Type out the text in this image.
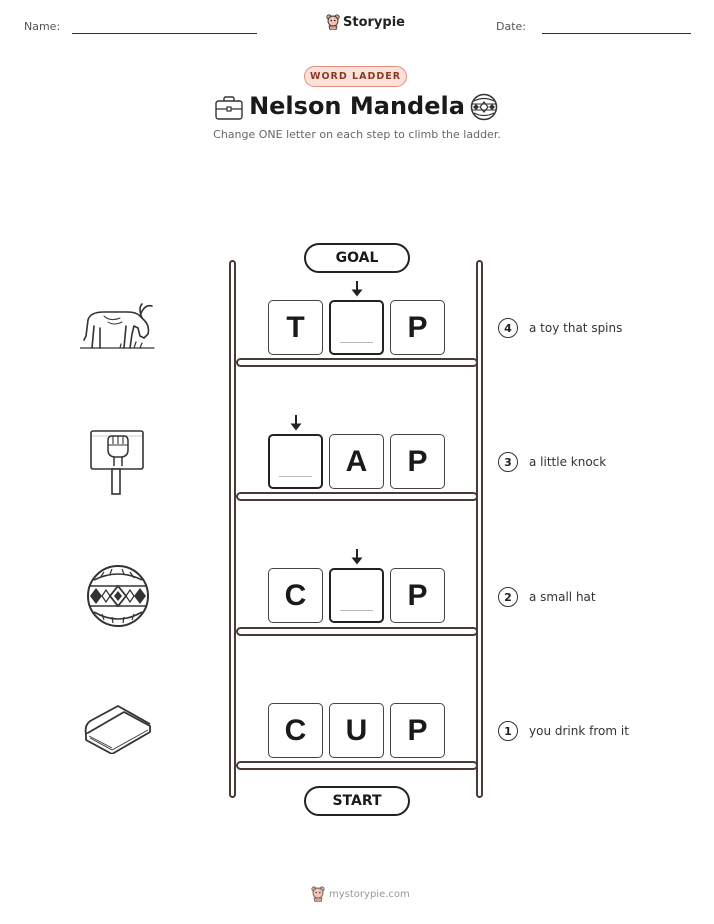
Name:	Storypie	Date:
WORD LADDER
Nelson Mandela
Change ONE letter on each step to climb the ladder.
GOAL
START
T	P	4	a toy that spins
A	P	3	a little knock
C	P	2	a small hat
C	U	P	1	you drink from it
mystorypie.com
